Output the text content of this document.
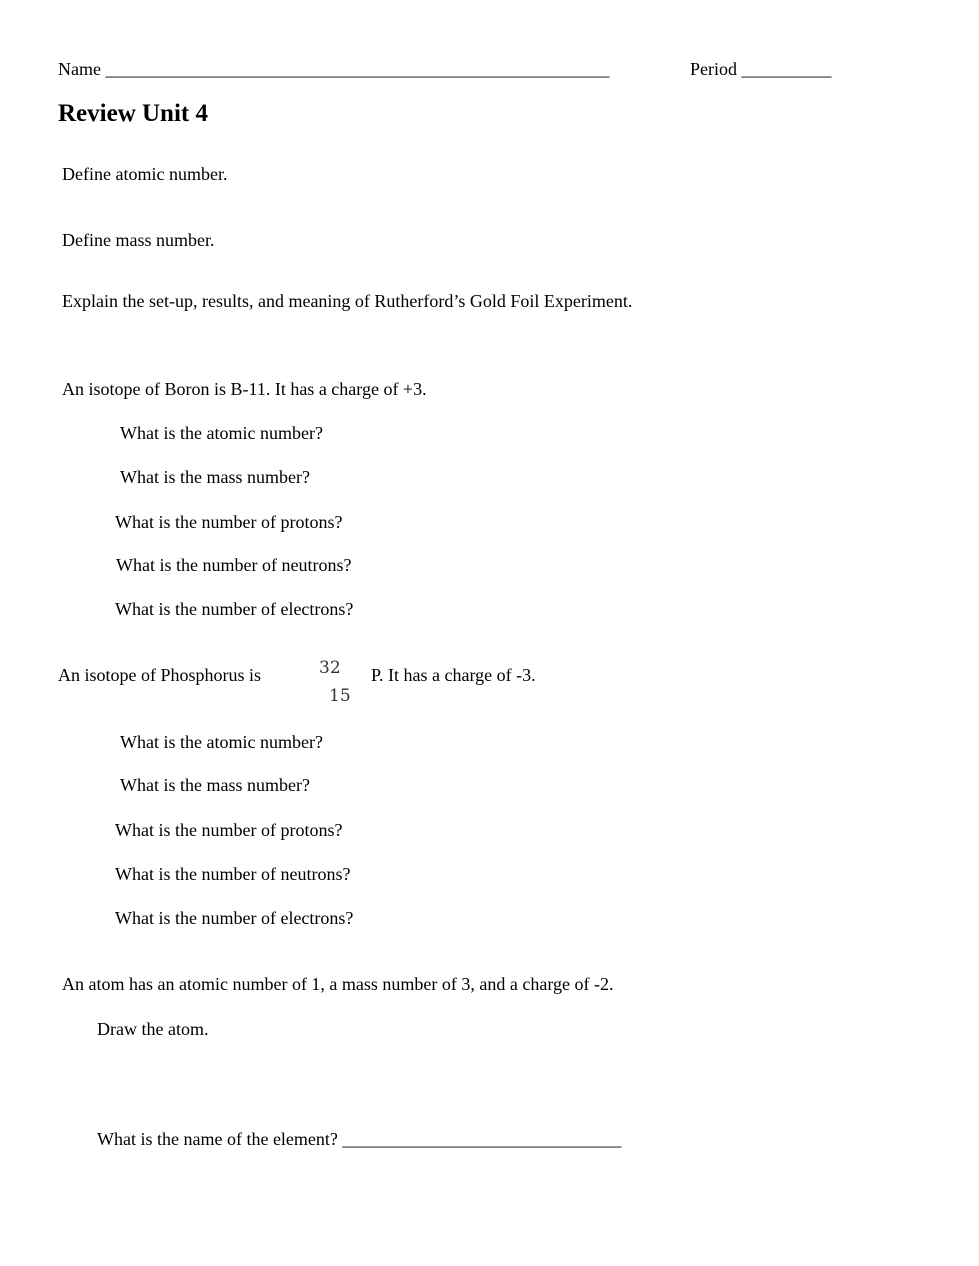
Name ________________________________________________________	Period __________
Review Unit 4
Define atomic number.
Define mass number.
Explain the set-up, results, and meaning of Rutherford’s Gold Foil Experiment.
An isotope of Boron is B-11. It has a charge of +3.
What is the atomic number?
What is the mass number?
What is the number of protons?
What is the number of neutrons?
What is the number of electrons?
An isotope of Phosphorus is	32
15
P. It has a charge of -3.
What is the atomic number?
What is the mass number?
What is the number of protons?
What is the number of neutrons?
What is the number of electrons?
An atom has an atomic number of 1, a mass number of 3, and a charge of -2.
Draw the atom.
What is the name of the element? _______________________________
